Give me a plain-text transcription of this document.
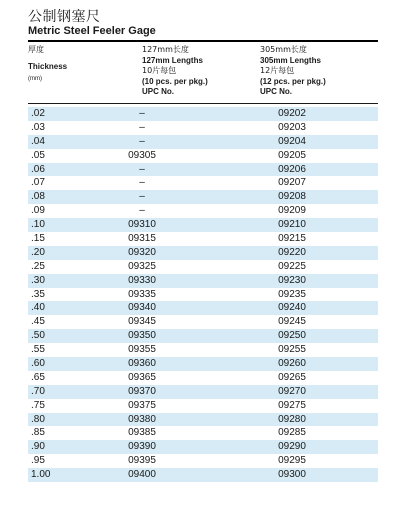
公制钢塞尺
Metric Steel Feeler Gage
厚度
Thickness
(mm)
127mm长度
127mm Lengths
10片每包
(10 pcs. per pkg.)
UPC No.
305mm长度
305mm Lengths
12片每包
(12 pcs. per pkg.)
UPC No.
.02	–	09202
.03	–	09203
.04	–	09204
.05	09305	09205
.06	–	09206
.07	–	09207
.08	–	09208
.09	–	09209
.10	09310	09210
.15	09315	09215
.20	09320	09220
.25	09325	09225
.30	09330	09230
.35	09335	09235
.40	09340	09240
.45	09345	09245
.50	09350	09250
.55	09355	09255
.60	09360	09260
.65	09365	09265
.70	09370	09270
.75	09375	09275
.80	09380	09280
.85	09385	09285
.90	09390	09290
.95	09395	09295
1.00	09400	09300
